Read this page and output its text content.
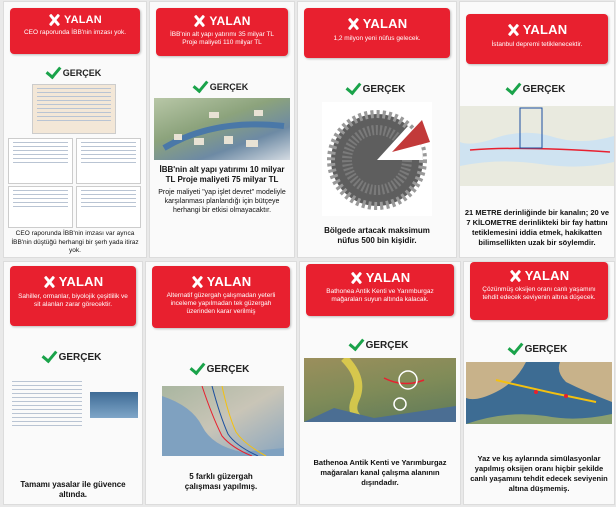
YALAN
CEO raporunda İBB'nin imzası yok.
GERÇEK
CEO raporunda İBB'nin imzası var ayrıca İBB'nin düştüğü herhangi bir şerh yada itiraz yok.
YALAN
İBB'nin alt yapı yatırımı 35 milyar TL Proje maliyeti 110 milyar TL
GERÇEK
İBB'nin alt yapı yatırımı 10 milyar TL Proje maliyeti 75 milyar TL
Proje maliyeti "yap işlet devret" modeliyle karşılanması planlandığı için bütçeye herhangi bir etkisi olmayacaktır.
YALAN
1,2 milyon yeni nüfus gelecek.
GERÇEK
Bölgede artacak maksimum nüfus 500 bin kişidir.
YALAN
İstanbul depremi tetiklenecektir.
GERÇEK
21 METRE derinliğinde bir kanalın; 20 ve 7 KİLOMETRE derinlikteki bir fay hattını tetiklemesini iddia etmek, hakikatten bilimsellikten uzak bir söylemdir.
YALAN
Sahiller, ormanlar, biyolojik çeşitlilik ve sit alanları zarar görecektir.
GERÇEK
Tamamı yasalar ile güvence altında.
YALAN
Alternatif güzergah çalışmadan yeterli inceleme yapılmadan tek güzergah üzerinden karar verilmiş
GERÇEK
5 farklı güzergah çalışması yapılmış.
YALAN
Bathonea Antik Kenti ve Yarımburgaz mağaraları suyun altında kalacak.
GERÇEK
Bathenoa Antik Kenti ve Yarımburgaz mağaraları kanal çalışma alanının dışındadır.
YALAN
Çözünmüş oksijen oranı canlı yaşamını tehdit edecek seviyenin altına düşecek.
GERÇEK
Yaz ve kış aylarında simülasyonlar yapılmış oksijen oranı hiçbir şekilde canlı yaşamını tehdit edecek seviyenin altına düşmemiş.
